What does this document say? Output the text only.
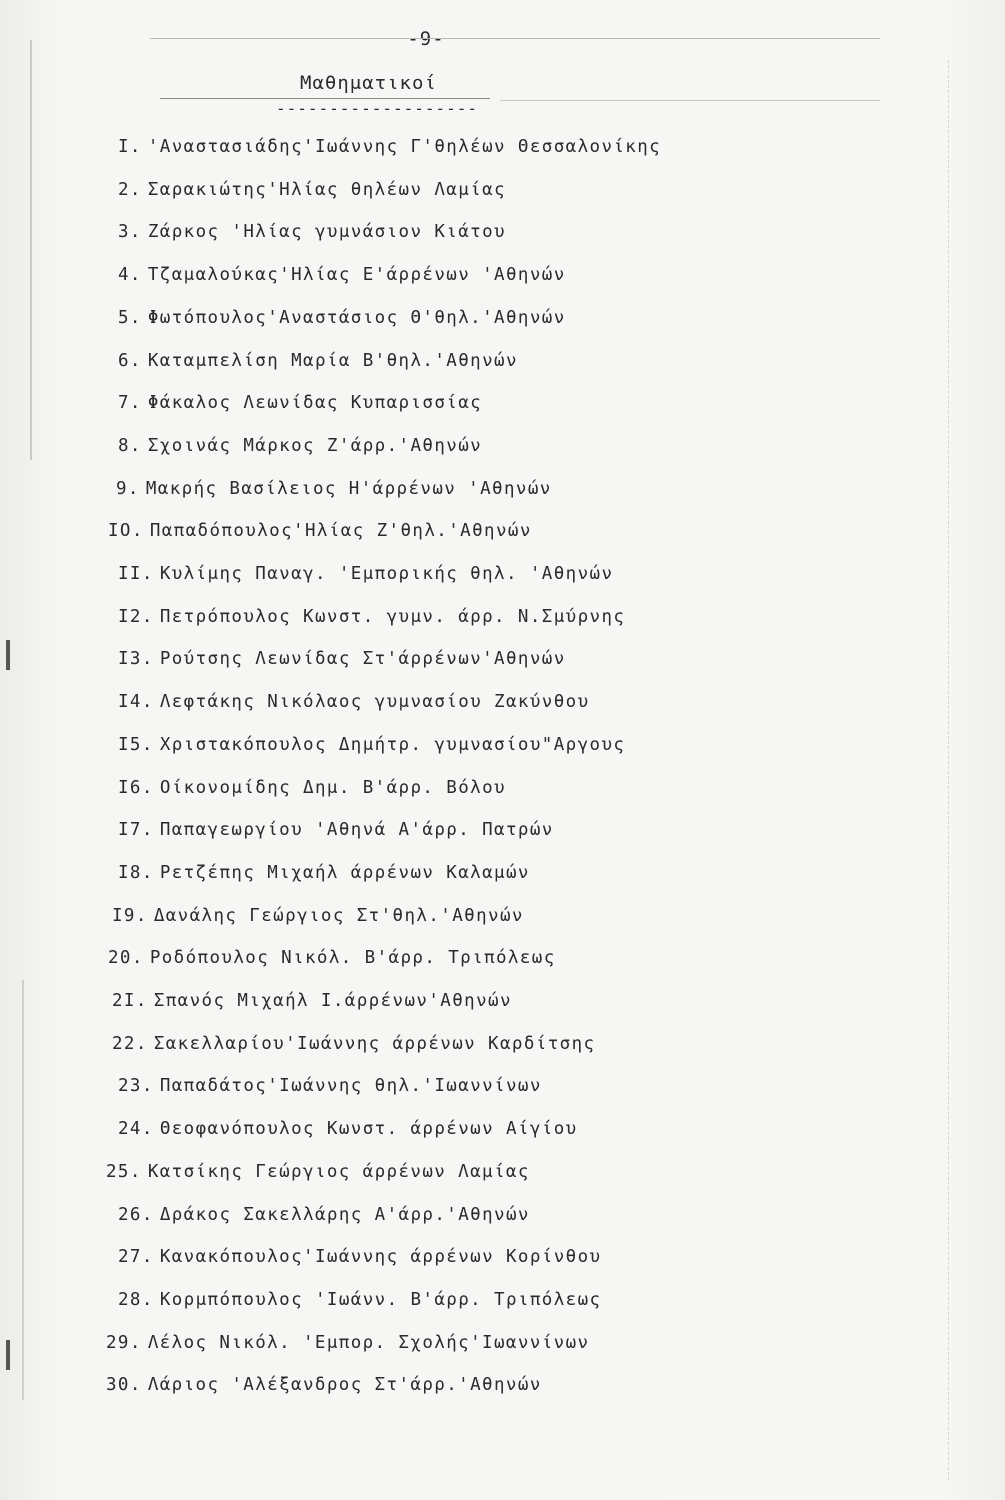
-9-
Μαθηματικοί
-------------------
Ι. 'Αναστασιάδης'Ιωάννης Γ'θηλέων Θεσσαλονίκης
2. Σαρακιώτης'Ηλίας θηλέων Λαμίας
3. Ζάρκος 'Ηλίας γυμνάσιον Κιάτου
4. Τζαμαλούκας'Ηλίας Ε'άρρένων 'Αθηνών
5. Φωτόπουλος'Αναστάσιος Θ'θηλ.'Αθηνών
6. Καταμπελίση Μαρία Β'θηλ.'Αθηνών
7. Φάκαλος Λεωνίδας Κυπαρισσίας
8. Σχοινάς Μάρκος Ζ'άρρ.'Αθηνών
9. Μακρής Βασίλειος Η'άρρένων 'Αθηνών
ΙΟ. Παπαδόπουλος'Ηλίας Ζ'θηλ.'Αθηνών
ΙΙ. Κυλίμης Παναγ. 'Εμπορικής θηλ. 'Αθηνών
Ι2. Πετρόπουλος Κωνστ. γυμν. άρρ. Ν.Σμύρνης
Ι3. Ρούτσης Λεωνίδας Στ'άρρένων'Αθηνών
Ι4. Λεφτάκης Νικόλαος γυμνασίου Ζακύνθου
Ι5. Χριστακόπουλος Δημήτρ. γυμνασίου"Αργους
Ι6. Οίκονομίδης Δημ. Β'άρρ. Βόλου
Ι7. Παπαγεωργίου 'Αθηνά Α'άρρ. Πατρών
Ι8. Ρετζέπης Μιχαήλ άρρένων Καλαμών
Ι9. Δανάλης Γεώργιος Στ'θηλ.'Αθηνών
20. Ροδόπουλος Νικόλ. Β'άρρ. Τριπόλεως
2Ι. Σπανός Μιχαήλ Ι.άρρένων'Αθηνών
22. Σακελλαρίου'Ιωάννης άρρένων Καρδίτσης
23. Παπαδάτος'Ιωάννης θηλ.'Ιωαννίνων
24. Θεοφανόπουλος Κωνστ. άρρένων Αίγίου
25. Κατσίκης Γεώργιος άρρένων Λαμίας
26. Δράκος Σακελλάρης Α'άρρ.'Αθηνών
27. Κανακόπουλος'Ιωάννης άρρένων Κορίνθου
28. Κορμπόπουλος 'Ιωάνν. Β'άρρ. Τριπόλεως
29. Λέλος Νικόλ. 'Εμπορ. Σχολής'Ιωαννίνων
30. Λάριος 'Αλέξανδρος Στ'άρρ.'Αθηνών
